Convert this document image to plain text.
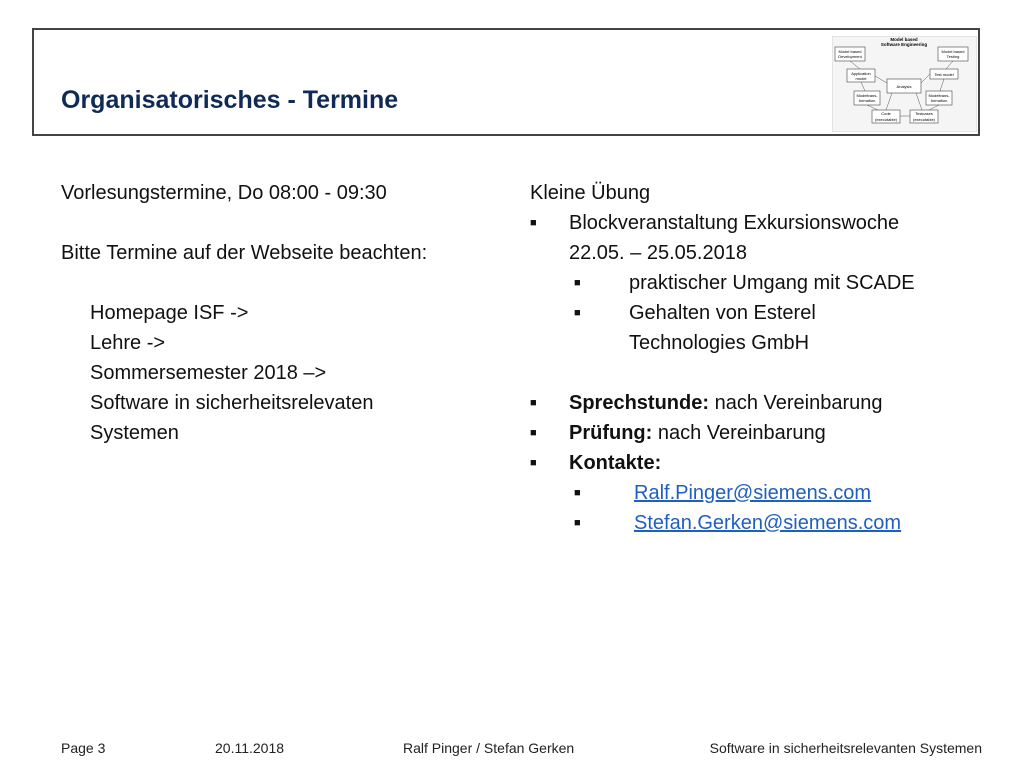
Organisatorisches - Termine
Model based
Software Engineering
Model based
Development
Model based
Testing
Application
model
Test model
Analysis
Modeltrans-
formation
Modeltrans-
formation
Code
(executable)
Testcases
(executable)
Vorlesungstermine, Do 08:00 - 09:30
Bitte Termine auf der Webseite beachten:
Homepage ISF ->
Lehre ->
Sommersemester 2018 –>
Software in sicherheitsrelevaten
Systemen
Kleine Übung
■ Blockveranstaltung Exkursionswoche
22.05. – 25.05.2018
■ praktischer Umgang mit SCADE
■ Gehalten von Esterel
Technologies GmbH
■ Sprechstunde: nach Vereinbarung
■ Prüfung: nach Vereinbarung
■ Kontakte:
■	Ralf.Pinger@siemens.com
■	Stefan.Gerken@siemens.com
Page 3	20.11.2018	Ralf Pinger / Stefan Gerken	Software in sicherheitsrelevanten Systemen
